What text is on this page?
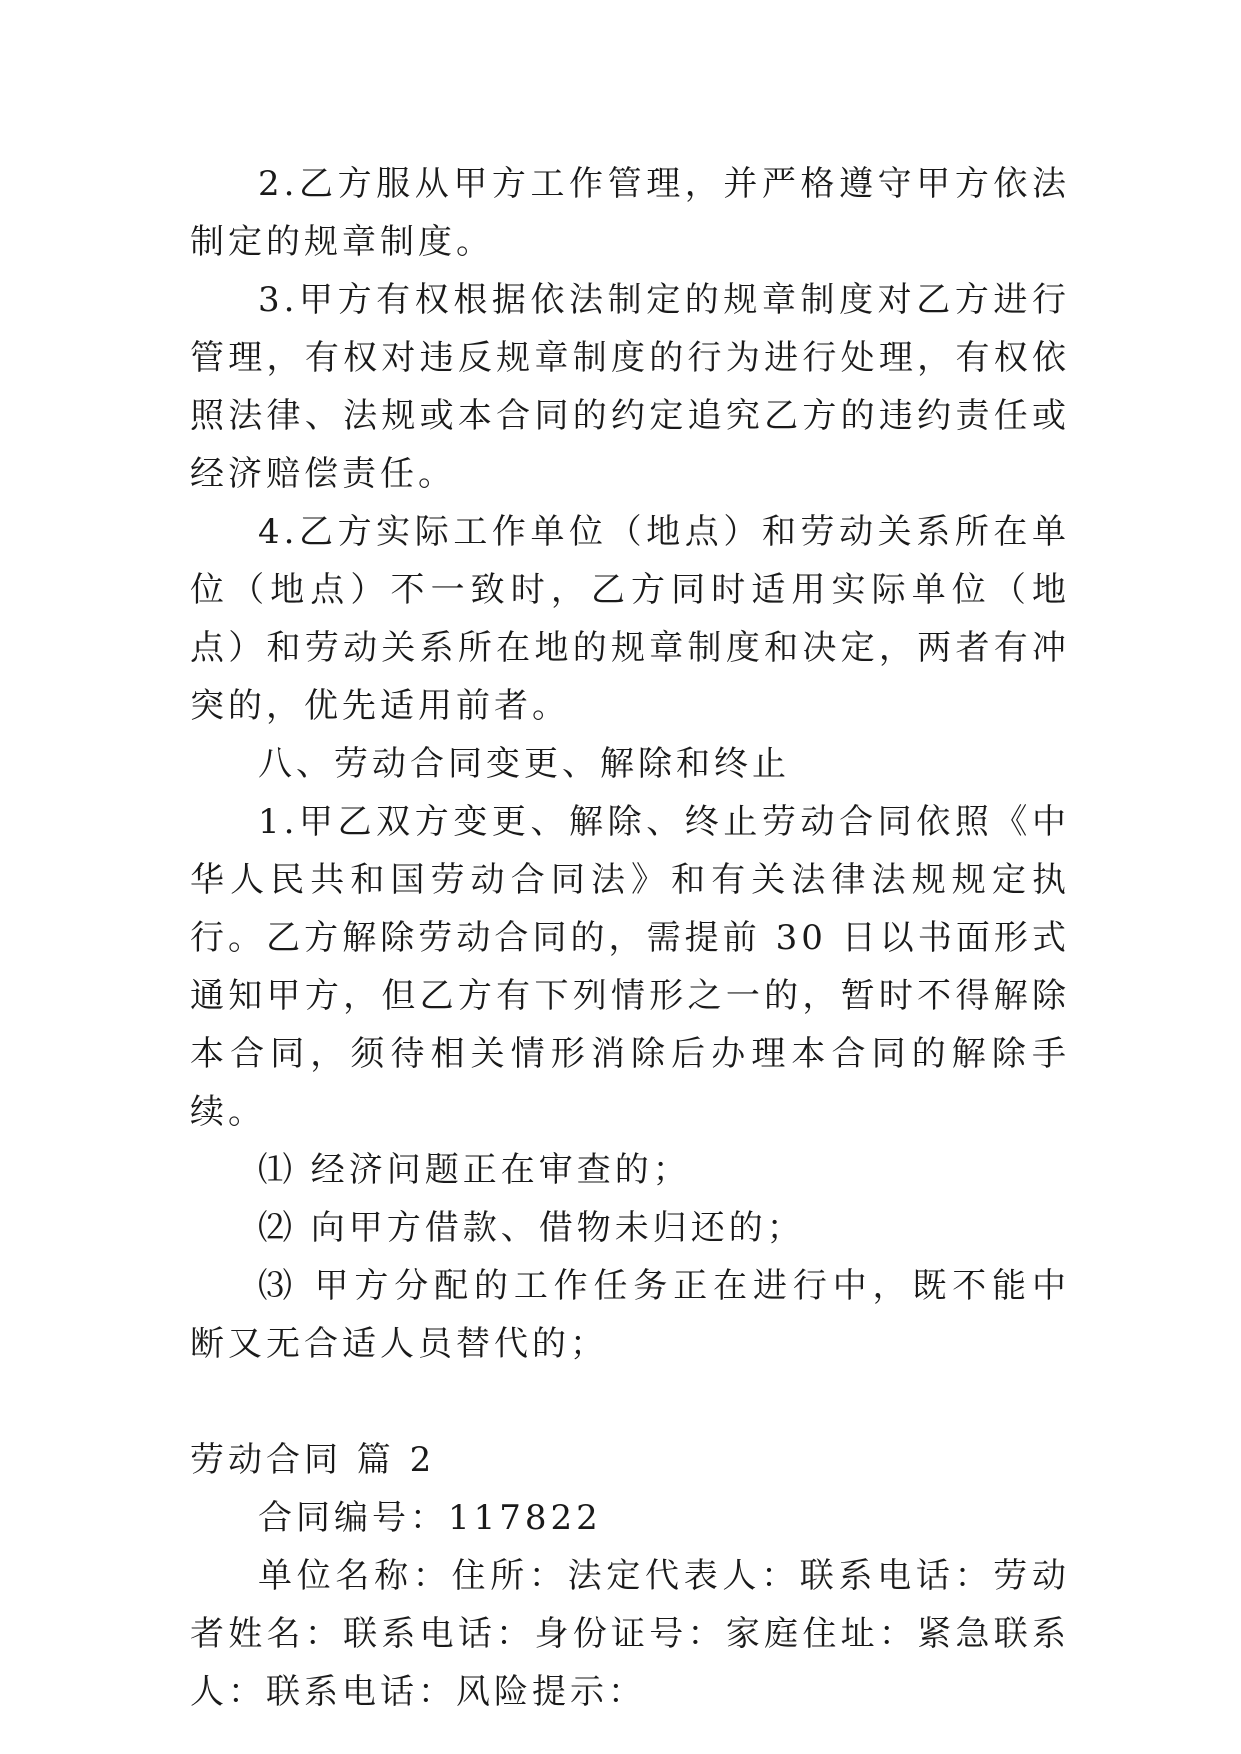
2.乙方服从甲方工作管理，并严格遵守甲方依法制定的规章制度。

3.甲方有权根据依法制定的规章制度对乙方进行管理，有权对违反规章制度的行为进行处理，有权依照法律、法规或本合同的约定追究乙方的违约责任或经济赔偿责任。

4.乙方实际工作单位（地点）和劳动关系所在单位（地点）不一致时，乙方同时适用实际单位（地点）和劳动关系所在地的规章制度和决定，两者有冲突的，优先适用前者。

八、劳动合同变更、解除和终止

1.甲乙双方变更、解除、终止劳动合同依照《中华人民共和国劳动合同法》和有关法律法规规定执行。乙方解除劳动合同的，需提前 30 日以书面形式通知甲方，但乙方有下列情形之一的，暂时不得解除本合同，须待相关情形消除后办理本合同的解除手续。

⑴ 经济问题正在审查的；

⑵ 向甲方借款、借物未归还的；

⑶ 甲方分配的工作任务正在进行中，既不能中断又无合适人员替代的；

劳动合同 篇 2

合同编号：117822

单位名称：住所：法定代表人：联系电话：劳动者姓名：联系电话：身份证号：家庭住址：紧急联系人：联系电话：风险提示：
